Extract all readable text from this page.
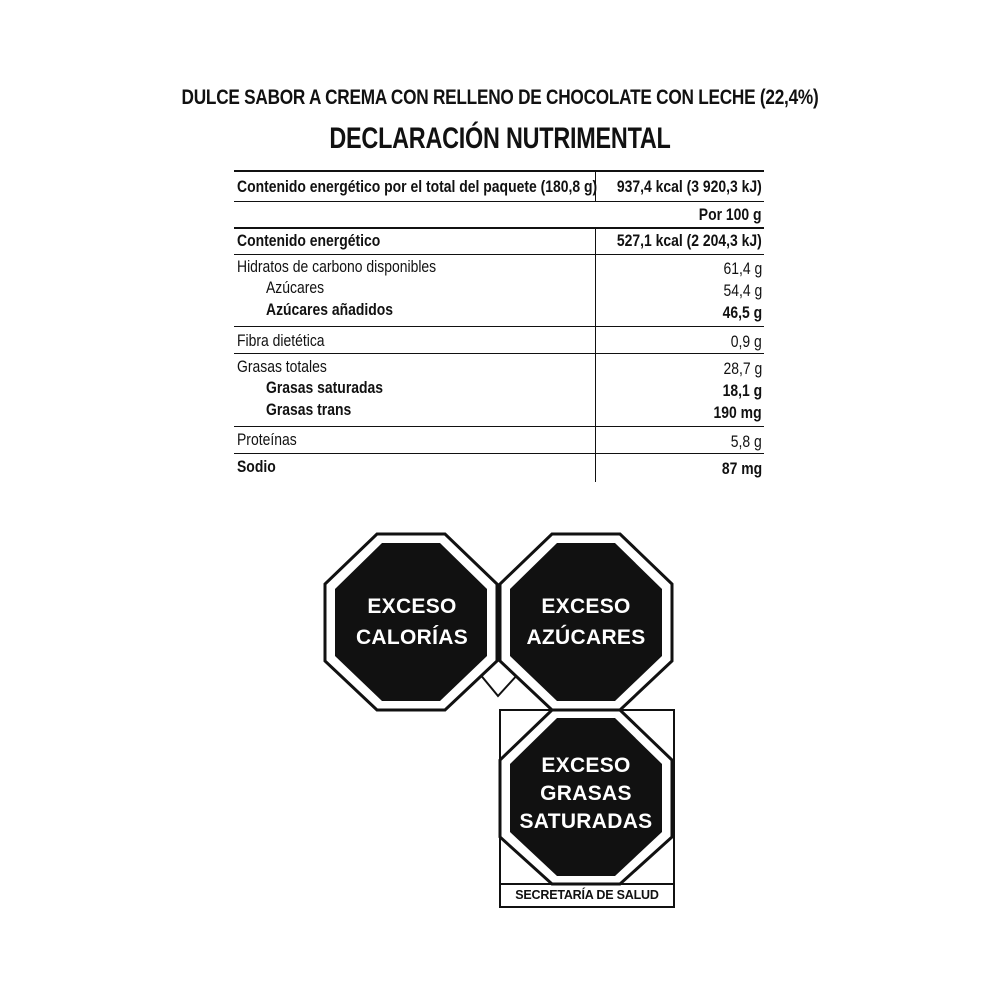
DULCE SABOR A CREMA CON RELLENO DE CHOCOLATE CON LECHE (22,4%)
DECLARACIÓN NUTRIMENTAL
Contenido energético por el total del paquete (180,8 g) 937,4 kcal (3 920,3 kJ)
Por 100 g
Contenido energético	527,1 kcal (2 204,3 kJ)
Hidratos de carbono disponibles	61,4 g
Azúcares	54,4 g
Azúcares añadidos	46,5 g
Fibra dietética	0,9 g
Grasas totales	28,7 g
Grasas saturadas	18,1 g
Grasas trans	190 mg
Proteínas	5,8 g
Sodio	87 mg
EXCESO
CALORÍAS
EXCESO
AZÚCARES
EXCESO
GRASAS
SATURADAS
SECRETARÍA DE SALUD
